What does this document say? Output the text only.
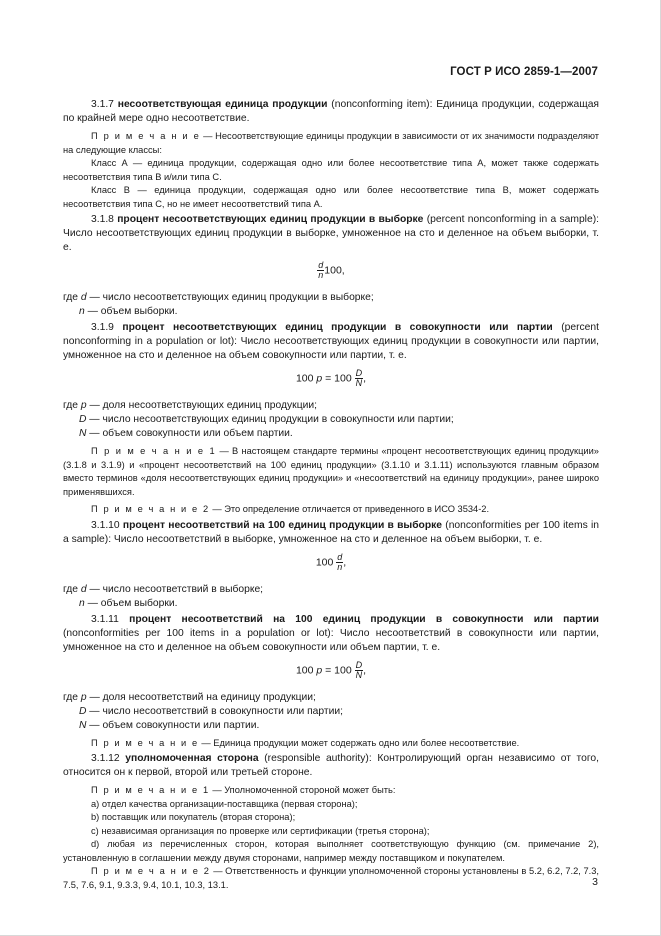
ГОСТ Р ИСО 2859-1—2007

3.1.7 несоответствующая единица продукции (nonconforming item): Единица продукции, содержащая по крайней мере одно несоответствие.

П р и м е ч а н и е — Несоответствующие единицы продукции в зависимости от их значимости подразделяют на следующие классы:

Класс А — единица продукции, содержащая одно или более несоответствие типа А, может также содержать несоответствия типа В и/или типа С.

Класс В — единица продукции, содержащая одно или более несоответствие типа В, может содержать несоответствия типа С, но не имеет несоответствий типа А.

3.1.8 процент несоответствующих единиц продукции в выборке (percent nonconforming in a sample): Число несоответствующих единиц продукции в выборке, умноженное на сто и деленное на объем выборки, т. е.

$\frac{d}{n} 100$,
где d — число несоответствующих единиц продукции в выборке;
n — объем выборки.

3.1.9 процент несоответствующих единиц продукции в совокупности или партии (percent nonconforming in a population or lot): Число несоответствующих единиц продукции в совокупности или партии, умноженное на сто и деленное на объем совокупности или партии, т. е.

100 $p = 100 \frac{D}{N}$ ,
где p — доля несоответствующих единиц продукции;
D — число несоответствующих единиц продукции в совокупности или партии;
N — объем совокупности или объем партии.

П р и м е ч а н и е 1 — В настоящем стандарте термины «процент несоответствующих единиц продукции» (3.1.8 и 3.1.9) и «процент несоответствий на 100 единиц продукции» (3.1.10 и 3.1.11) используются главным образом вместо терминов «доля несоответствующих единиц продукции» и «несоответствий на единицу продукции», ранее широко применявшихся.

П р и м е ч а н и е 2 — Это определение отличается от приведенного в ИСО 3534-2.

3.1.10 процент несоответствий на 100 единиц продукции в выборке (nonconformities per 100 items in a sample): Число несоответствий в выборке, умноженное на сто и деленное на объем выборки, т. е.

$100 \frac{d}{n}$ ,
где d — число несоответствий в выборке;
n — объем выборки.

3.1.11 процент несоответствий на 100 единиц продукции в совокупности или партии (nonconformities per 100 items in a population or lot): Число несоответствий в совокупности или партии, умноженное на сто и деленное на объем совокупности или объем партии, т. е.

100 $p = 100 \frac{D}{N}$ ,
где p — доля несоответствий на единицу продукции;
D — число несоответствий в совокупности или партии;
N — объем совокупности или партии.

П р и м е ч а н и е — Единица продукции может содержать одно или более несоответствие.

3.1.12 уполномоченная сторона (responsible authority): Контролирующий орган независимо от того, относится он к первой, второй или третьей стороне.

П р и м е ч а н и е 1 — Уполномоченной стороной может быть:

а) отдел качества организации-поставщика (первая сторона);

b) поставщик или покупатель (вторая сторона);

c) независимая организация по проверке или сертификации (третья сторона);

d) любая из перечисленных сторон, которая выполняет соответствующую функцию (см. примечание 2), установленную в соглашении между двумя сторонами, например между поставщиком и покупателем.

П р и м е ч а н и е 2 — Ответственность и функции уполномоченной стороны установлены в 5.2, 6.2, 7.2, 7.3, 7.5, 7.6, 9.1, 9.3.3, 9.4, 10.1, 10.3, 13.1.	3
